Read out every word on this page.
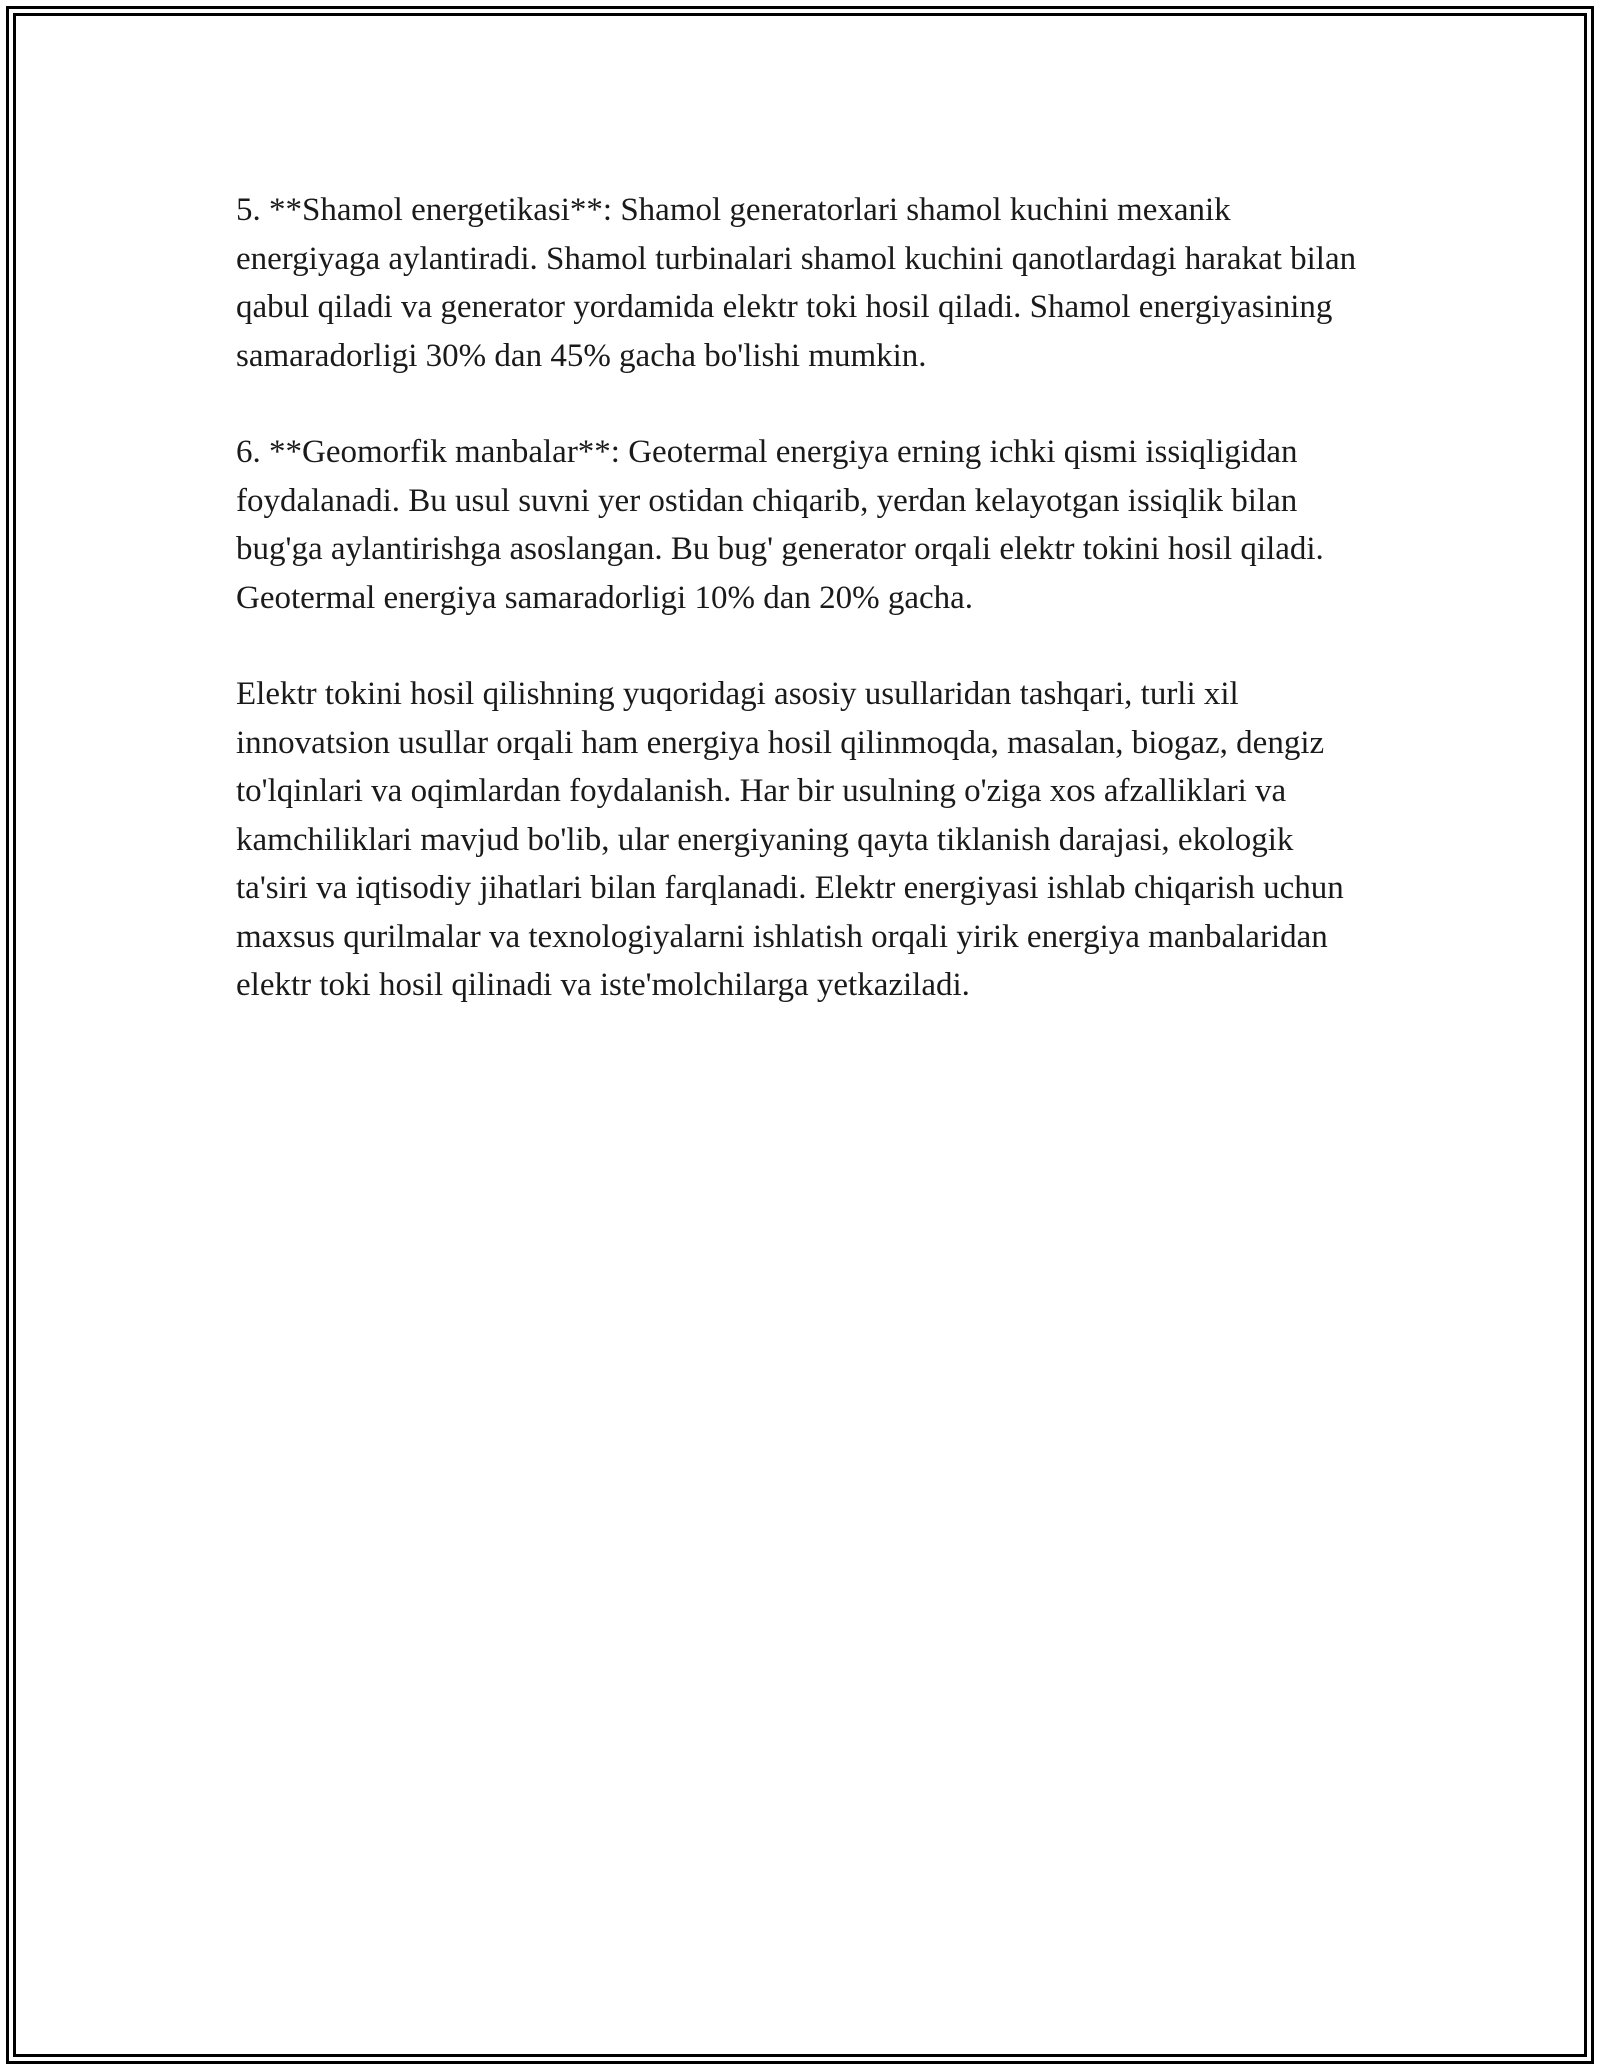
5. **Shamol energetikasi**: Shamol generatorlari shamol kuchini mexanik energiyaga aylantiradi. Shamol turbinalari shamol kuchini qanotlardagi harakat bilan qabul qiladi va generator yordamida elektr toki hosil qiladi. Shamol energiyasining samaradorligi 30% dan 45% gacha bo'lishi mumkin.

6. **Geomorfik manbalar**: Geotermal energiya erning ichki qismi issiqligidan foydalanadi. Bu usul suvni yer ostidan chiqarib, yerdan kelayotgan issiqlik bilan bug'ga aylantirishga asoslangan. Bu bug' generator orqali elektr tokini hosil qiladi. Geotermal energiya samaradorligi 10% dan 20% gacha.

Elektr tokini hosil qilishning yuqoridagi asosiy usullaridan tashqari, turli xil innovatsion usullar orqali ham energiya hosil qilinmoqda, masalan, biogaz, dengiz to'lqinlari va oqimlardan foydalanish. Har bir usulning o'ziga xos afzalliklari va kamchiliklari mavjud bo'lib, ular energiyaning qayta tiklanish darajasi, ekologik ta'siri va iqtisodiy jihatlari bilan farqlanadi. Elektr energiyasi ishlab chiqarish uchun maxsus qurilmalar va texnologiyalarni ishlatish orqali yirik energiya manbalaridan elektr toki hosil qilinadi va iste'molchilarga yetkaziladi.
